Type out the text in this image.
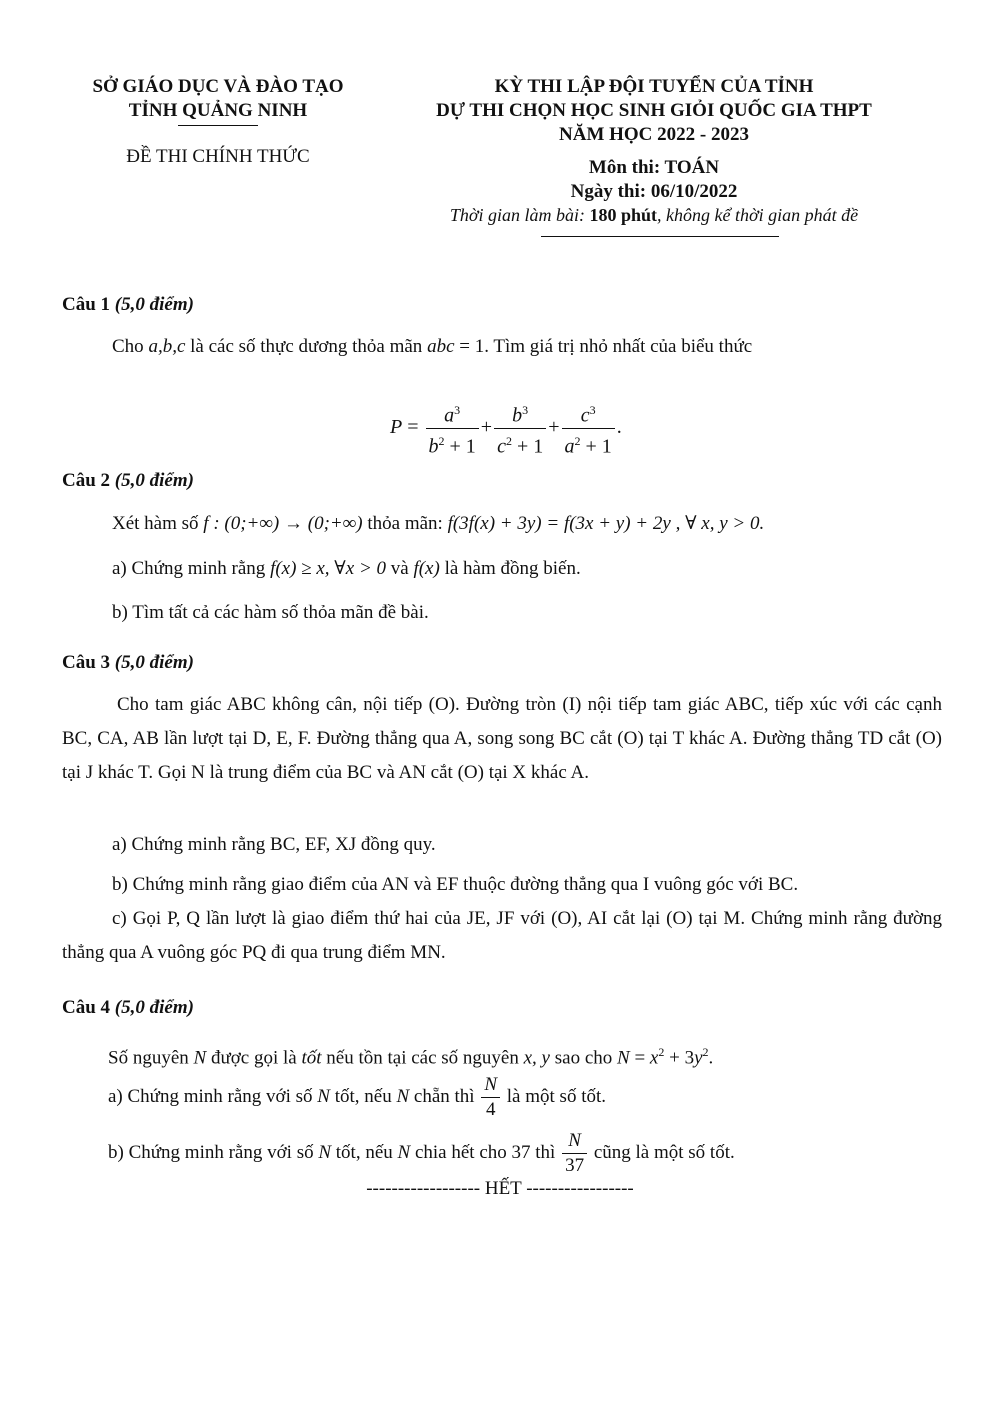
SỞ GIÁO DỤC VÀ ĐÀO TẠO
TỈNH QUẢNG NINH
ĐỀ THI CHÍNH THỨC
KỲ THI LẬP ĐỘI TUYỂN CỦA TỈNH
DỰ THI CHỌN HỌC SINH GIỎI QUỐC GIA THPT
NĂM HỌC 2022 - 2023
Môn thi: TOÁN
Ngày thi: 06/10/2022
Thời gian làm bài: 180 phút, không kể thời gian phát đề
Câu 1 (5,0 điểm)
Cho a,b,c là các số thực dương thỏa mãn abc = 1. Tìm giá trị nhỏ nhất của biểu thức
$P = \frac{a^3}{b^2 + 1} + \frac{b^3}{c^2 + 1} + \frac{c^3}{a^2 + 1}$ .
Câu 2 (5,0 điểm)
Xét hàm số f : (0;+∞) → (0;+∞) thỏa mãn: f(3f(x) + 3y) = f(3x + y) + 2y , ∀ x, y > 0.
a) Chứng minh rằng f(x) ≥ x, ∀x > 0 và f(x) là hàm đồng biến.
b) Tìm tất cả các hàm số thỏa mãn đề bài.
Câu 3 (5,0 điểm)
Cho tam giác ABC không cân, nội tiếp (O). Đường tròn (I) nội tiếp tam giác ABC, tiếp xúc với các cạnh BC, CA, AB lần lượt tại D, E, F. Đường thẳng qua A, song song BC cắt (O) tại T khác A. Đường thẳng TD cắt (O) tại J khác T. Gọi N là trung điểm của BC và AN cắt (O) tại X khác A.
a) Chứng minh rằng BC, EF, XJ đồng quy.
b) Chứng minh rằng giao điểm của AN và EF thuộc đường thẳng qua I vuông góc với BC.
c) Gọi P, Q lần lượt là giao điểm thứ hai của JE, JF với (O), AI cắt lại (O) tại M. Chứng minh rằng đường thẳng qua A vuông góc PQ đi qua trung điểm MN.
Câu 4 (5,0 điểm)
Số nguyên N được gọi là tốt nếu tồn tại các số nguyên x, y sao cho $N = x^2 + 3y^2$.
a) Chứng minh rằng với số N tốt, nếu N chẵn thì $\frac{N}{4}$ là một số tốt.
b) Chứng minh rằng với số N tốt, nếu N chia hết cho 37 thì $\frac{N}{37}$ cũng là một số tốt.
------------------ HẾT -----------------
